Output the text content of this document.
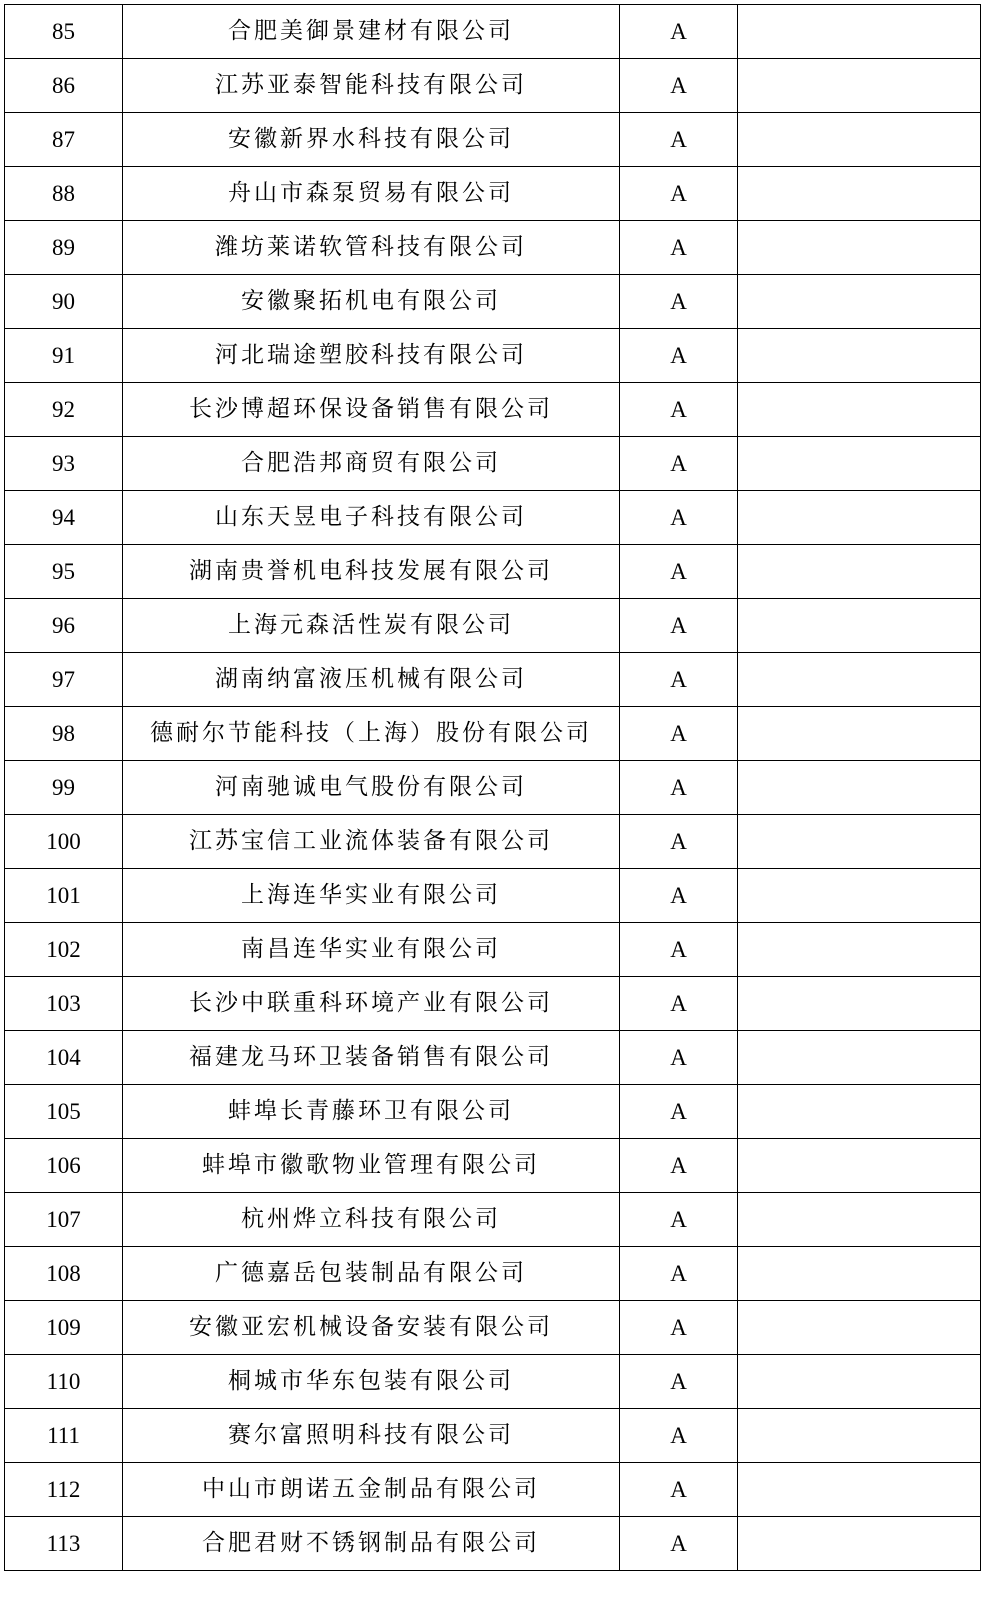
85	合肥美御景建材有限公司	A	
86	江苏亚泰智能科技有限公司	A	
87	安徽新界水科技有限公司	A	
88	舟山市森泵贸易有限公司	A	
89	潍坊莱诺软管科技有限公司	A	
90	安徽聚拓机电有限公司	A	
91	河北瑞途塑胶科技有限公司	A	
92	长沙博超环保设备销售有限公司	A	
93	合肥浩邦商贸有限公司	A	
94	山东天昱电子科技有限公司	A	
95	湖南贵誉机电科技发展有限公司	A	
96	上海元森活性炭有限公司	A	
97	湖南纳富液压机械有限公司	A	
98	德耐尔节能科技（上海）股份有限公司	A	
99	河南驰诚电气股份有限公司	A	
100	江苏宝信工业流体装备有限公司	A	
101	上海连华实业有限公司	A	
102	南昌连华实业有限公司	A	
103	长沙中联重科环境产业有限公司	A	
104	福建龙马环卫装备销售有限公司	A	
105	蚌埠长青藤环卫有限公司	A	
106	蚌埠市徽歌物业管理有限公司	A	
107	杭州烨立科技有限公司	A	
108	广德嘉岳包装制品有限公司	A	
109	安徽亚宏机械设备安装有限公司	A	
110	桐城市华东包装有限公司	A	
111	赛尔富照明科技有限公司	A	
112	中山市朗诺五金制品有限公司	A	
113	合肥君财不锈钢制品有限公司	A	
